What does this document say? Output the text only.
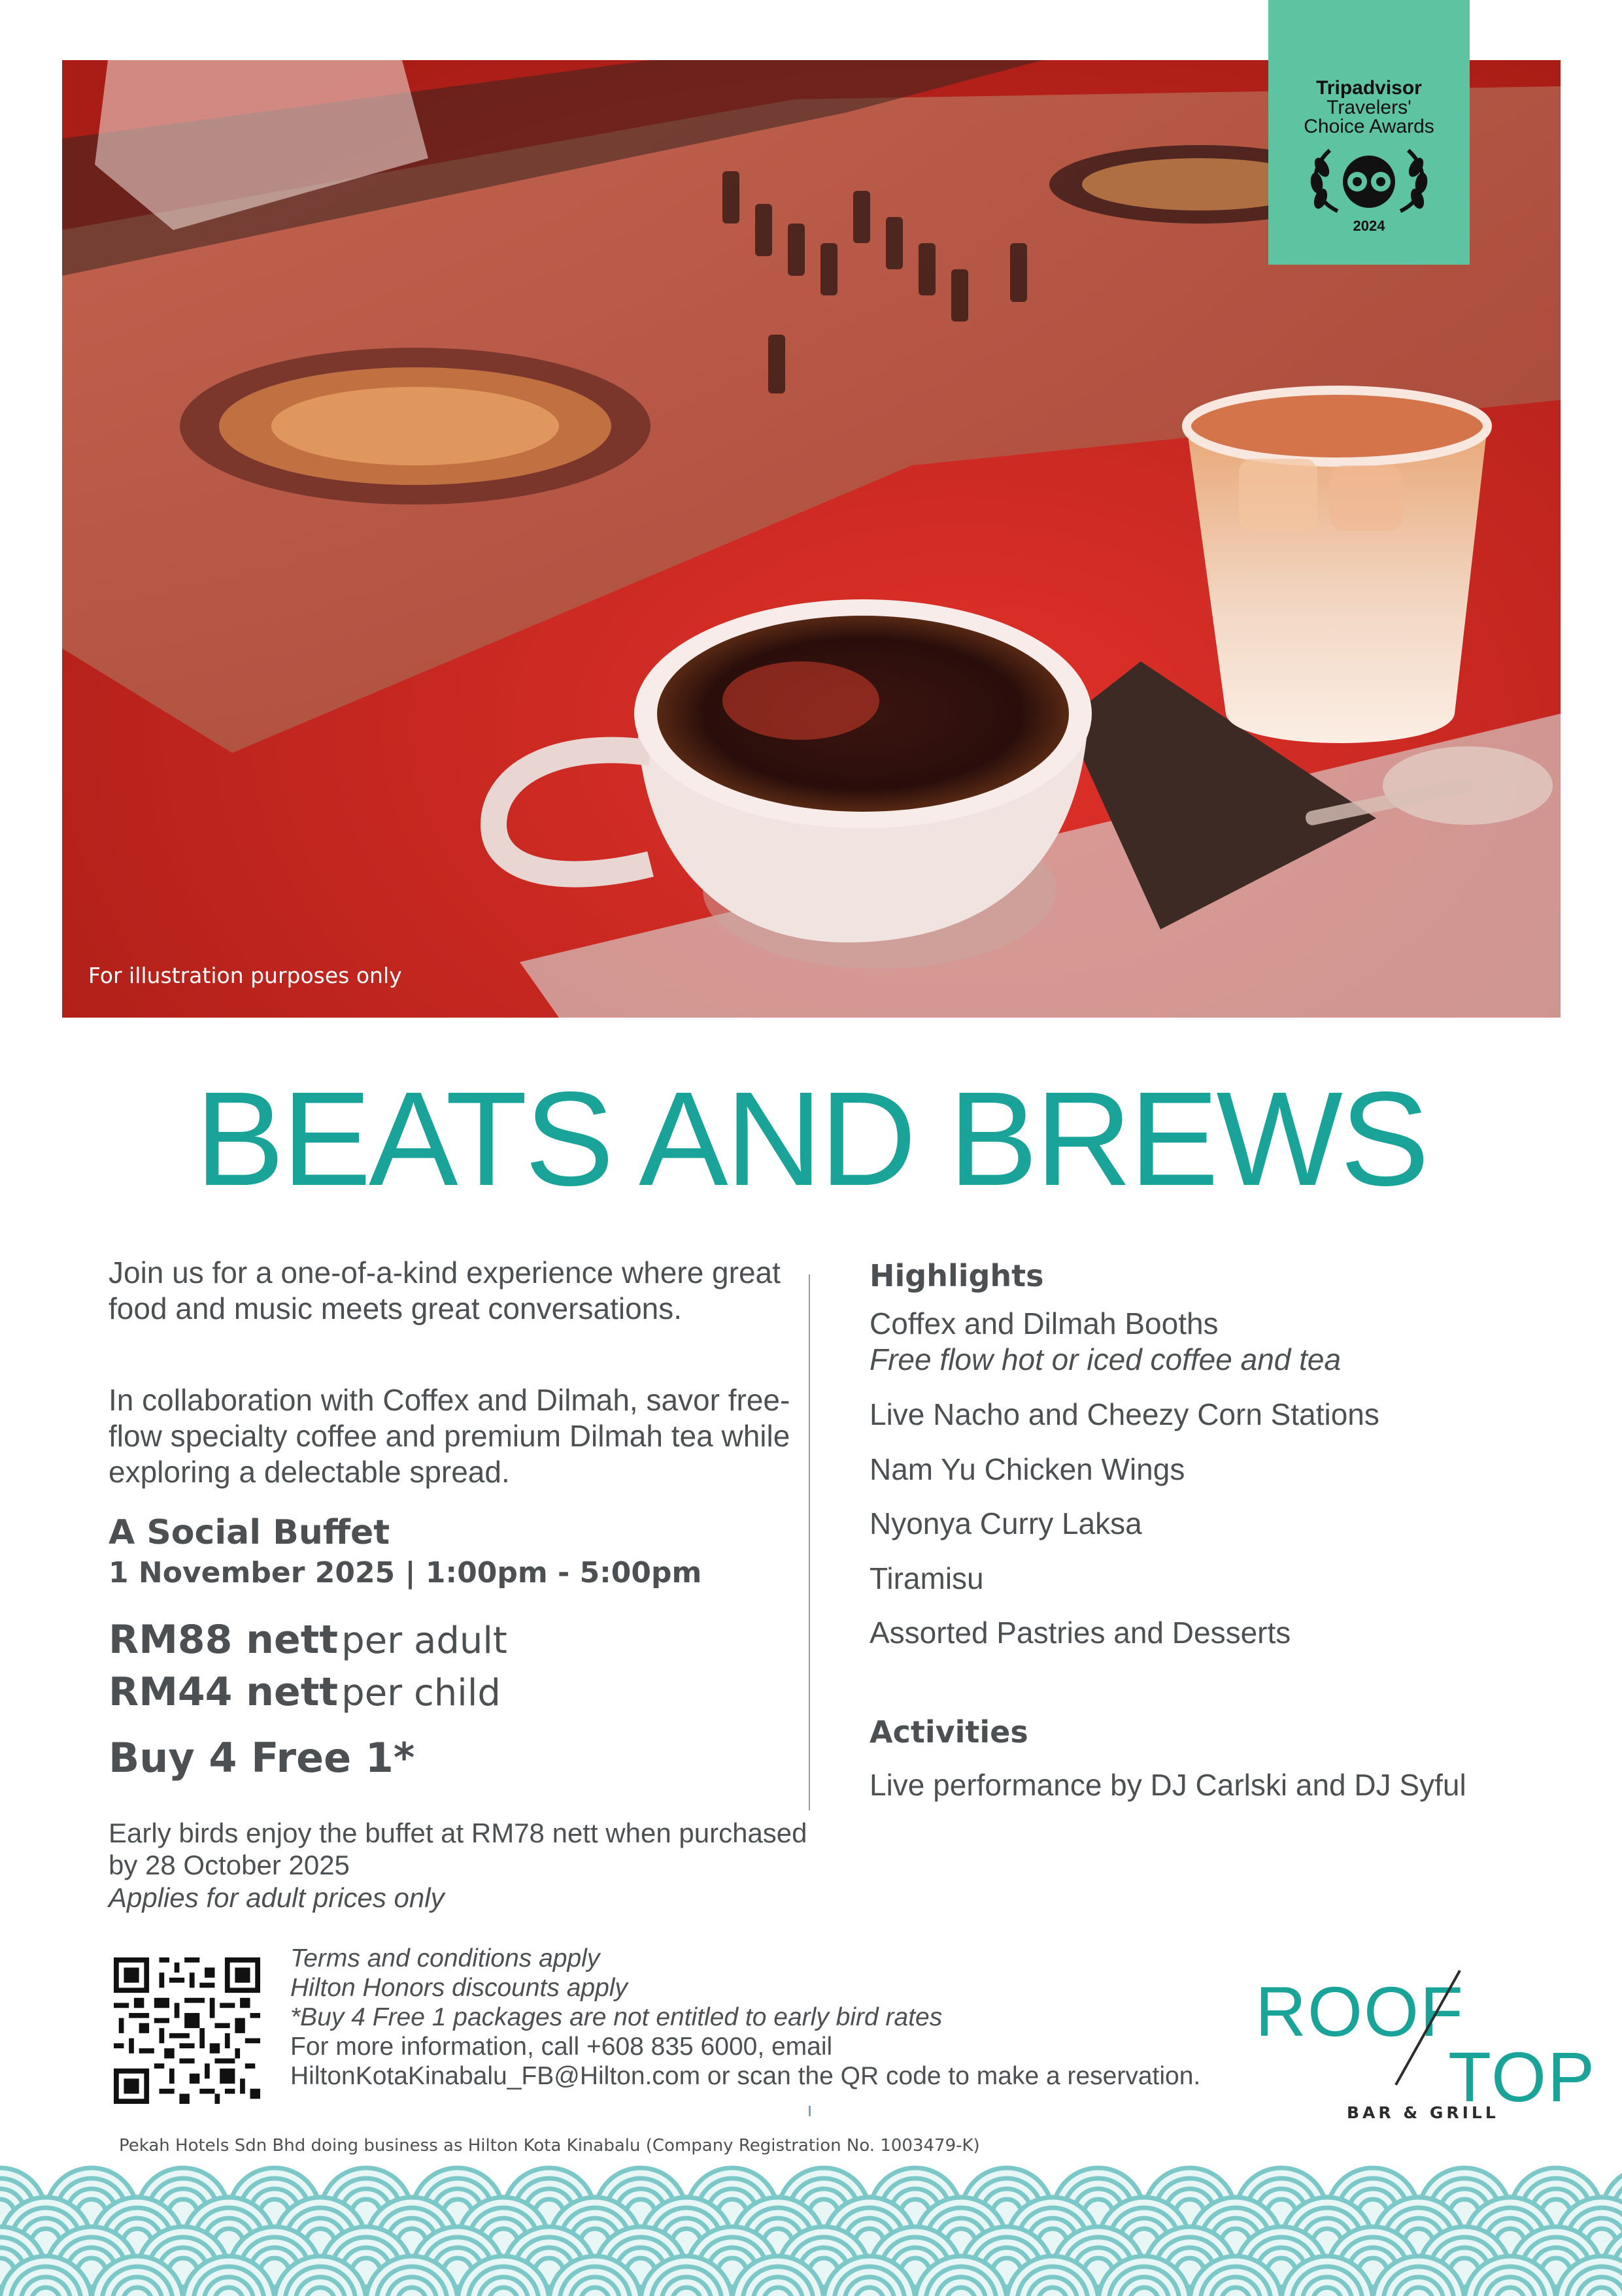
For illustration purposes only
Tripadvisor
Travelers'
Choice Awards
2024
BEATS AND BREWS
Join us for a one-of-a-kind experience where great food and music meets great conversations.
In collaboration with Coffex and Dilmah, savor free-flow specialty coffee and premium Dilmah tea while exploring a delectable spread.
A Social Buffet
1 November 2025 | 1:00pm - 5:00pm
RM88 nett per adult
RM44 nett per child
Buy 4 Free 1*
Early birds enjoy the buffet at RM78 nett when purchased by 28 October 2025
Applies for adult prices only
Highlights
Coffex and Dilmah Booths
Free flow hot or iced coffee and tea
Live Nacho and Cheezy Corn Stations
Nam Yu Chicken Wings
Nyonya Curry Laksa
Tiramisu
Assorted Pastries and Desserts
Activities
Live performance by DJ Carlski and DJ Syful
Terms and conditions apply
Hilton Honors discounts apply
*Buy 4 Free 1 packages are not entitled to early bird rates
For more information, call +608 835 6000, email
HiltonKotaKinabalu_FB@Hilton.com or scan the QR code to make a reservation.
Pekah Hotels Sdn Bhd doing business as Hilton Kota Kinabalu (Company Registration No. 1003479-K)
ROOF
TOP
BAR & GRILL
